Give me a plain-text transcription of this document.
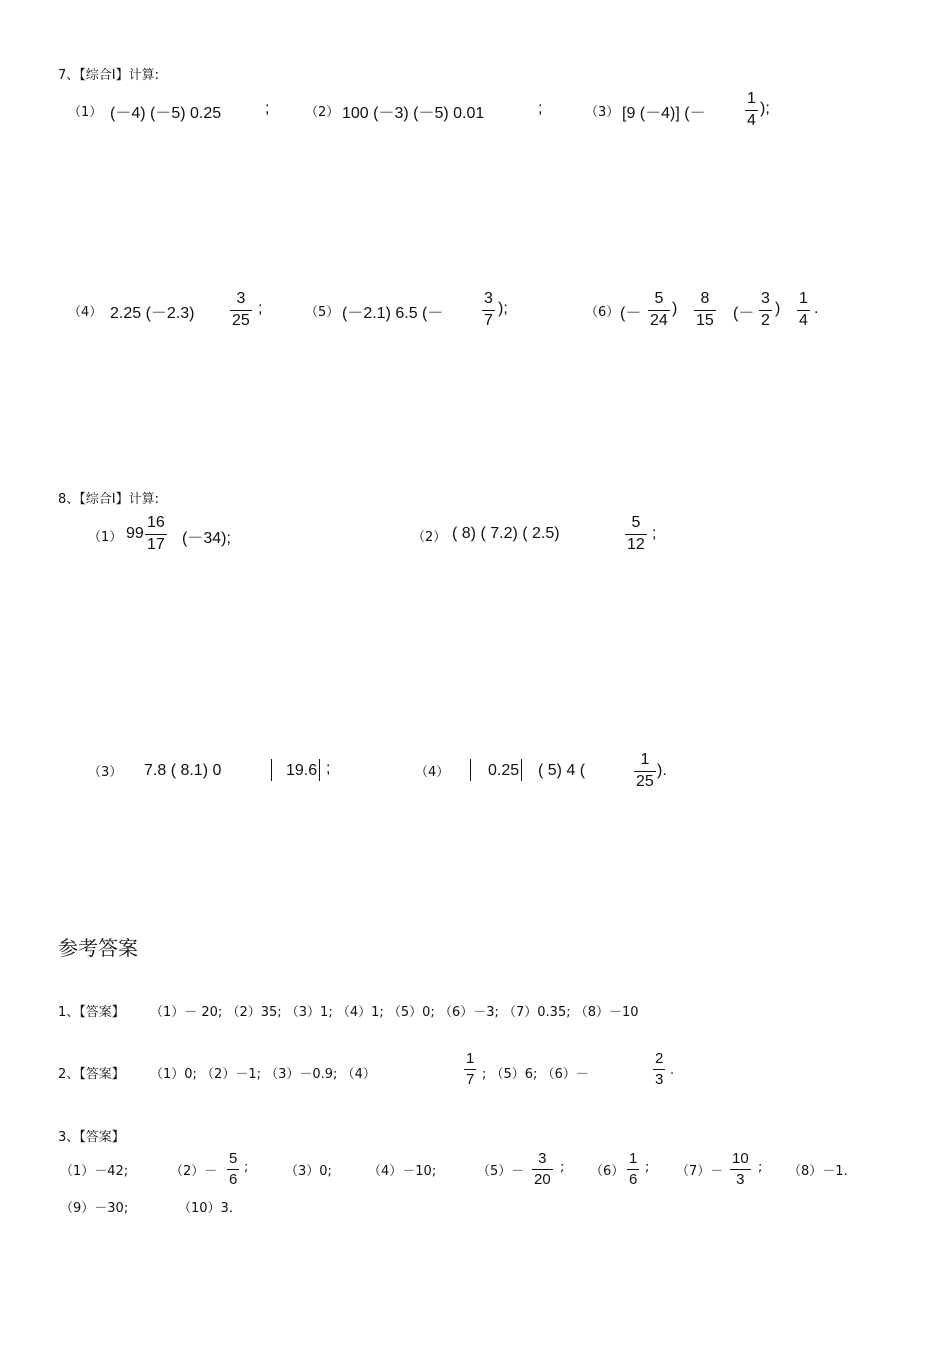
7、【综合Ⅰ】计算:
（1） (－4) (－5) 0.25	;	（2） 100 (－3) (－5) 0.01	;	（3） [9 (－4)] (－
1
4
);
（4） 2.25 (－2.3)
3
25
;	（5） (－2.1) 6.5 (－
3
7
);	（6） (－
5
24
)
8
15 (－
3
2
)
1
4
.
8、【综合Ⅰ】计算:
（1） 99
16
17 (－34);	（2） ( 8) ( 7.2) ( 2.5)
5
12
;
（3） 7.8 ( 8.1) 0	19.6 ;	（4） 0.25 ( 5) 4 (
1
25
).
参考答案
1、【答案】 （1）－ 20; （2）35; （3）1; （4）1; （5）0; （6）－3; （7）0.35; （8）－10
2、【答案】 （1）0; （2）－1; （3）－0.9; （4）
1
7 ; （5）6; （6）－
2
3
.
3、【答案】
（1）－42;	（2）－
5
6
;	（3）0;	（4）－10;	（5）－
3
20
; （6）
1
6
; （7）－
10
3
; （8）－1.
（9）－30;	（10）3.
